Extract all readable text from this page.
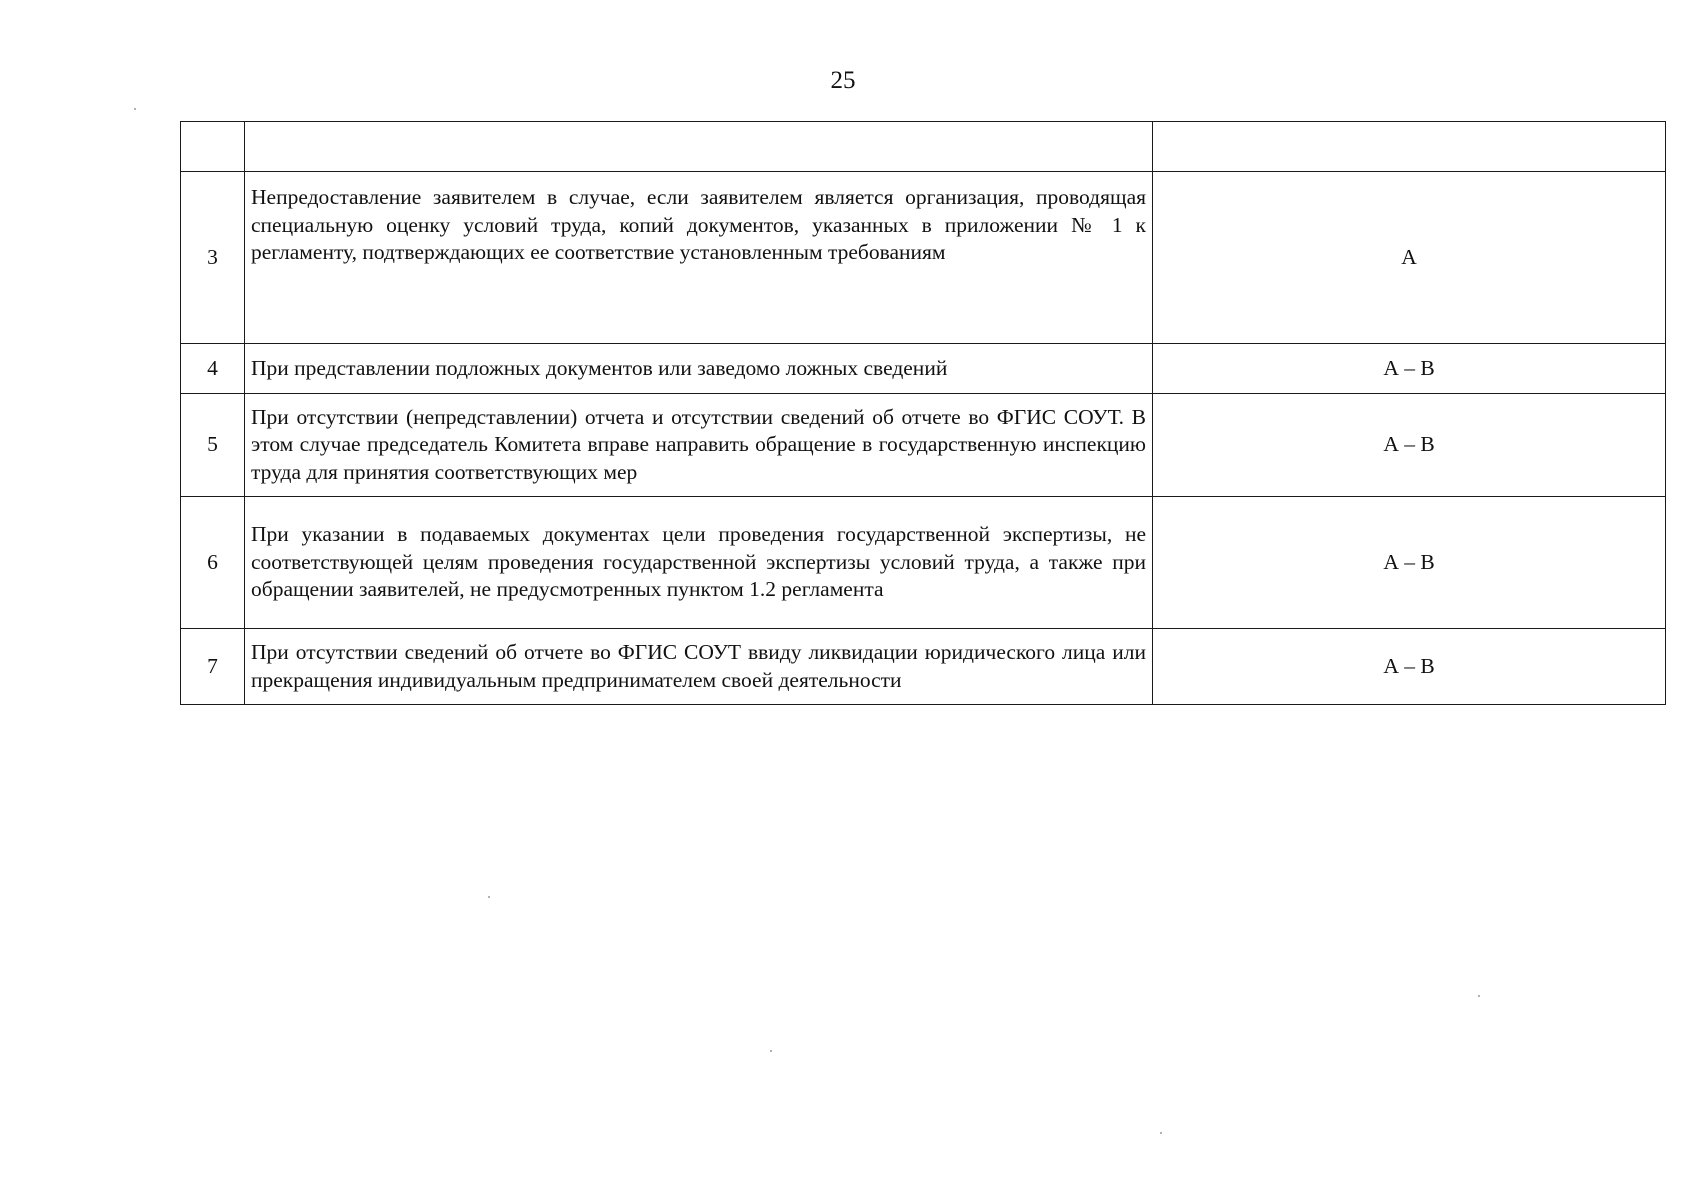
25

3	Непредоставление заявителем в случае, если заявителем является организация, проводящая специальную оценку условий труда, копий документов, указанных в приложении № 1 к регламенту, подтверждающих ее соответствие установленным требованиям	А
4	При представлении подложных документов или заведомо ложных сведений	А – В
5	При отсутствии (непредставлении) отчета и отсутствии сведений об отчете во ФГИС СОУТ. В этом случае председатель Комитета вправе направить обращение в государственную инспекцию труда для принятия соответствующих мер	А – В
6	При указании в подаваемых документах цели проведения государственной экспертизы, не соответствующей целям проведения государственной экспертизы условий труда, а также при обращении заявителей, не предусмотренных пунктом 1.2 регламента	А – В
7	При отсутствии сведений об отчете во ФГИС СОУТ ввиду ликвидации юридического лица или прекращения индивидуальным предпринимателем своей деятельности	А – В
